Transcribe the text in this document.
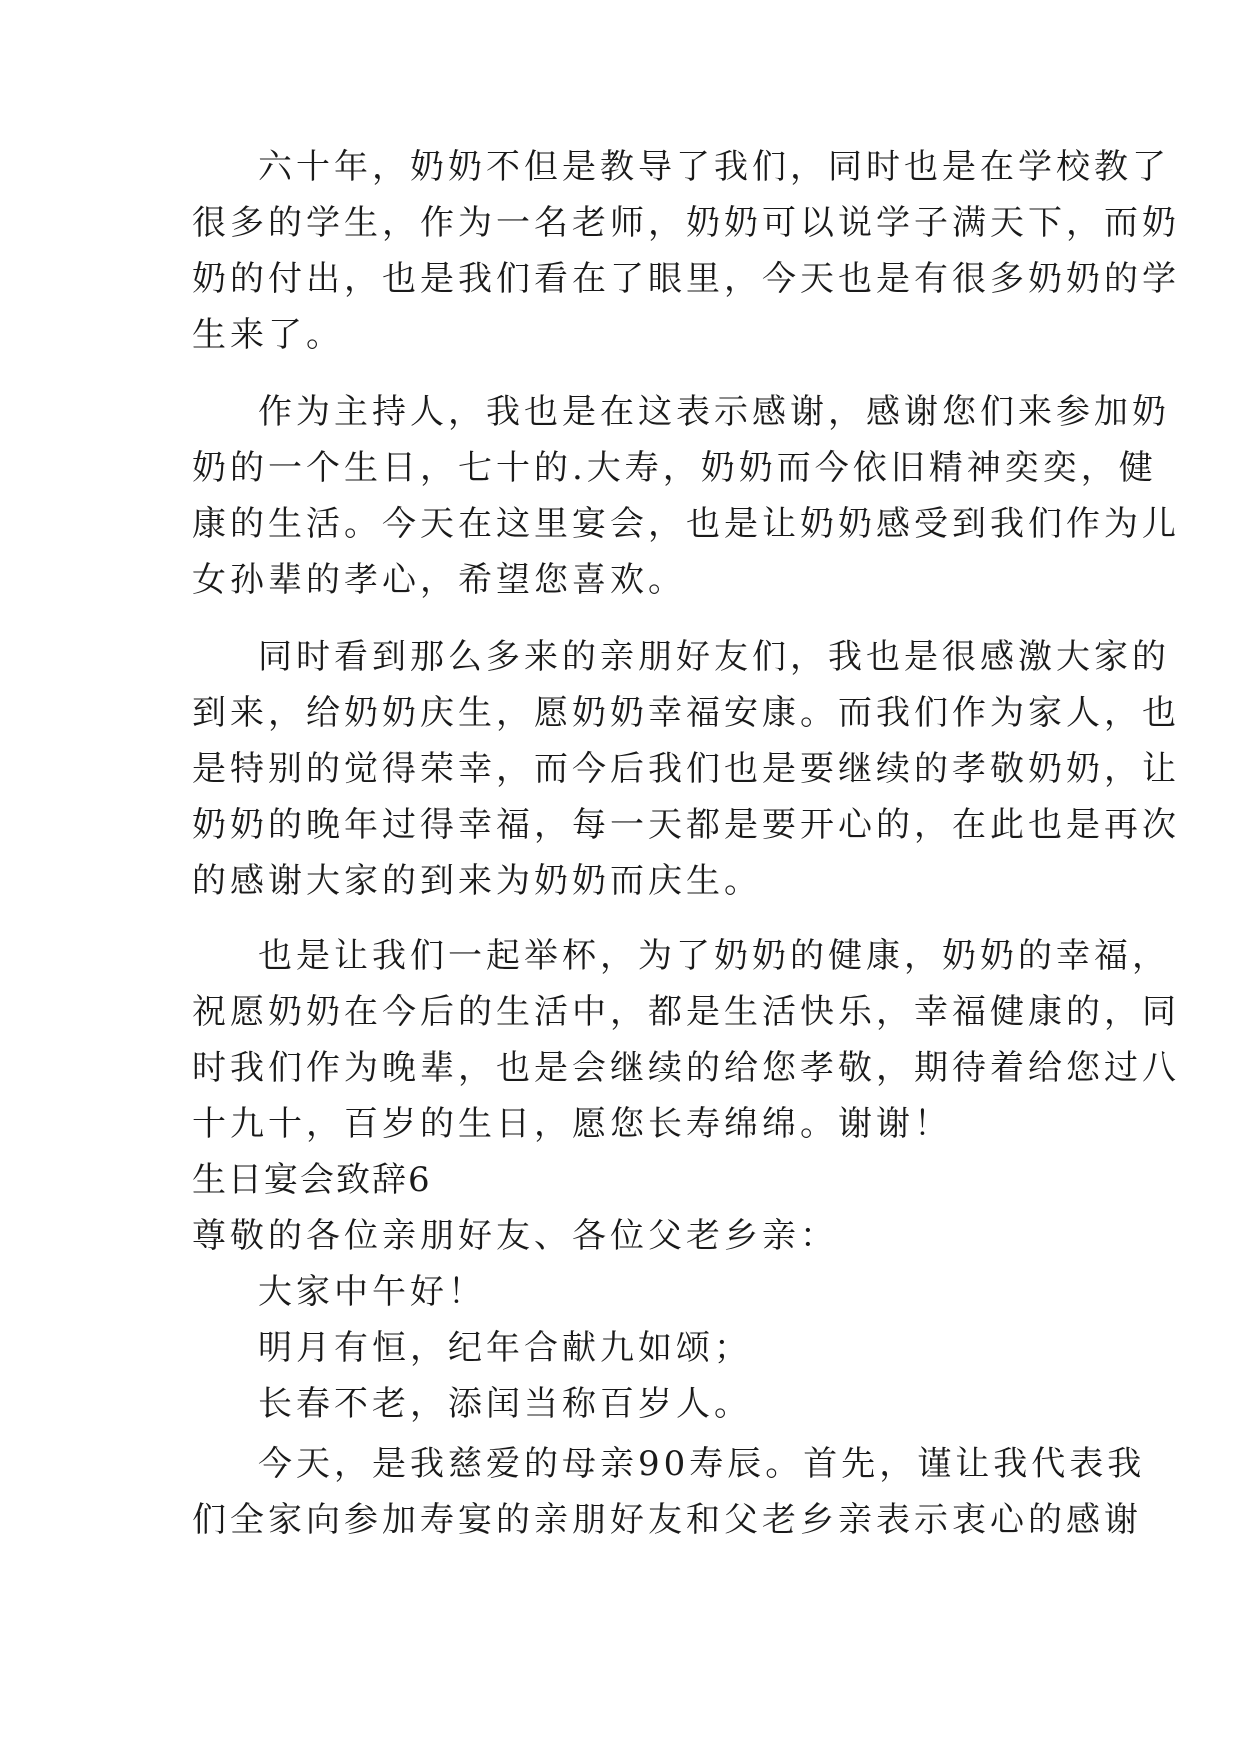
六十年，奶奶不但是教导了我们，同时也是在学校教了
很多的学生，作为一名老师，奶奶可以说学子满天下，而奶
奶的付出，也是我们看在了眼里，今天也是有很多奶奶的学
生来了。
作为主持人，我也是在这表示感谢，感谢您们来参加奶
奶的一个生日，七十的.大寿，奶奶而今依旧精神奕奕，健
康的生活。今天在这里宴会，也是让奶奶感受到我们作为儿
女孙辈的孝心，希望您喜欢。
同时看到那么多来的亲朋好友们，我也是很感激大家的
到来，给奶奶庆生，愿奶奶幸福安康。而我们作为家人，也
是特别的觉得荣幸，而今后我们也是要继续的孝敬奶奶，让
奶奶的晚年过得幸福，每一天都是要开心的，在此也是再次
的感谢大家的到来为奶奶而庆生。
也是让我们一起举杯，为了奶奶的健康，奶奶的幸福，
祝愿奶奶在今后的生活中，都是生活快乐，幸福健康的，同
时我们作为晚辈，也是会继续的给您孝敬，期待着给您过八
十九十，百岁的生日，愿您长寿绵绵。谢谢！
生日宴会致辞6
尊敬的各位亲朋好友、各位父老乡亲：
大家中午好！
明月有恒，纪年合献九如颂；
长春不老，添闰当称百岁人。
今天，是我慈爱的母亲90寿辰。首先，谨让我代表我
们全家向参加寿宴的亲朋好友和父老乡亲表示衷心的感谢
